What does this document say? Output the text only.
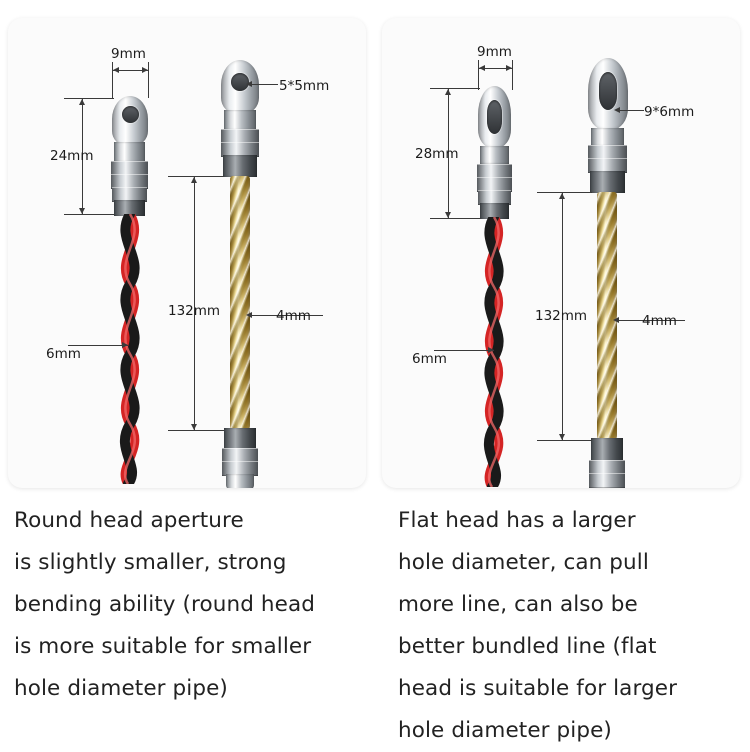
9mm
24mm
6mm
5*5mm
132mm	4mm
Round head aperture
is slightly smaller, strong
bending ability (round head
is more suitable for smaller
hole diameter pipe)
9mm
28mm
6mm
9*6mm
132mm	4mm
Flat head has a larger
hole diameter, can pull
more line, can also be
better bundled line (flat
head is suitable for larger
hole diameter pipe)
